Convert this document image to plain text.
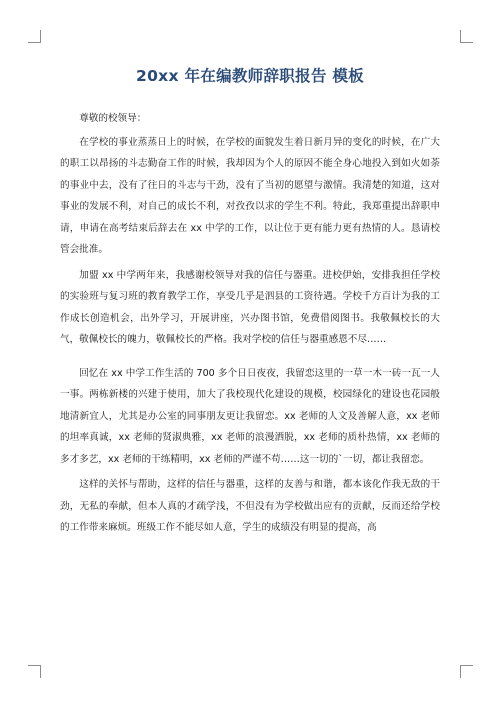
20xx 年在编教师辞职报告 模板

尊敬的校领导：

在学校的事业蒸蒸日上的时候，在学校的面貌发生着日新月异的变化的时候，在广大的职工以昂扬的斗志勤奋工作的时候，我却因为个人的原因不能全身心地投入到如火如荼的事业中去，没有了往日的斗志与干劲，没有了当初的愿望与激情。我清楚的知道，这对事业的发展不利，对自己的成长不利，对孜孜以求的学生不利。特此，我郑重提出辞职申请，申请在高考结束后辞去在 xx 中学的工作，以让位于更有能力更有热情的人。恳请校管会批准。

加盟 xx 中学两年来，我感谢校领导对我的信任与器重。进校伊始，安排我担任学校的实验班与复习班的教育教学工作，享受几乎是泗县的工资待遇。学校千方百计为我的工作成长创造机会，出外学习，开展讲座，兴办图书馆，免费借阅图书。我敬佩校长的大气，敬佩校长的魄力，敬佩校长的严格。我对学校的信任与器重感恩不尽……

回忆在 xx 中学工作生活的 700 多个日日夜夜，我留恋这里的一草一木一砖一瓦一人一事。两栋新楼的兴建于使用，加大了我校现代化建设的规模，校园绿化的建设也花园般地清新宜人，尤其是办公室的同事朋友更让我留恋。xx 老师的人文及善解人意，xx 老师的坦率真诚，xx 老师的贤淑典雅，xx 老师的浪漫洒脱，xx 老师的质朴热情，xx 老师的多才多艺，xx 老师的干练精明，xx 老师的严谨不苟……这一切的`一切，都让我留恋。

这样的关怀与帮助，这样的信任与器重，这样的友善与和谐，都本该化作我无敌的干劲，无私的奉献，但本人真的才疏学浅，不但没有为学校做出应有的贡献，反而还给学校的工作带来麻烦。班级工作不能尽如人意，学生的成绩没有明显的提高，高
